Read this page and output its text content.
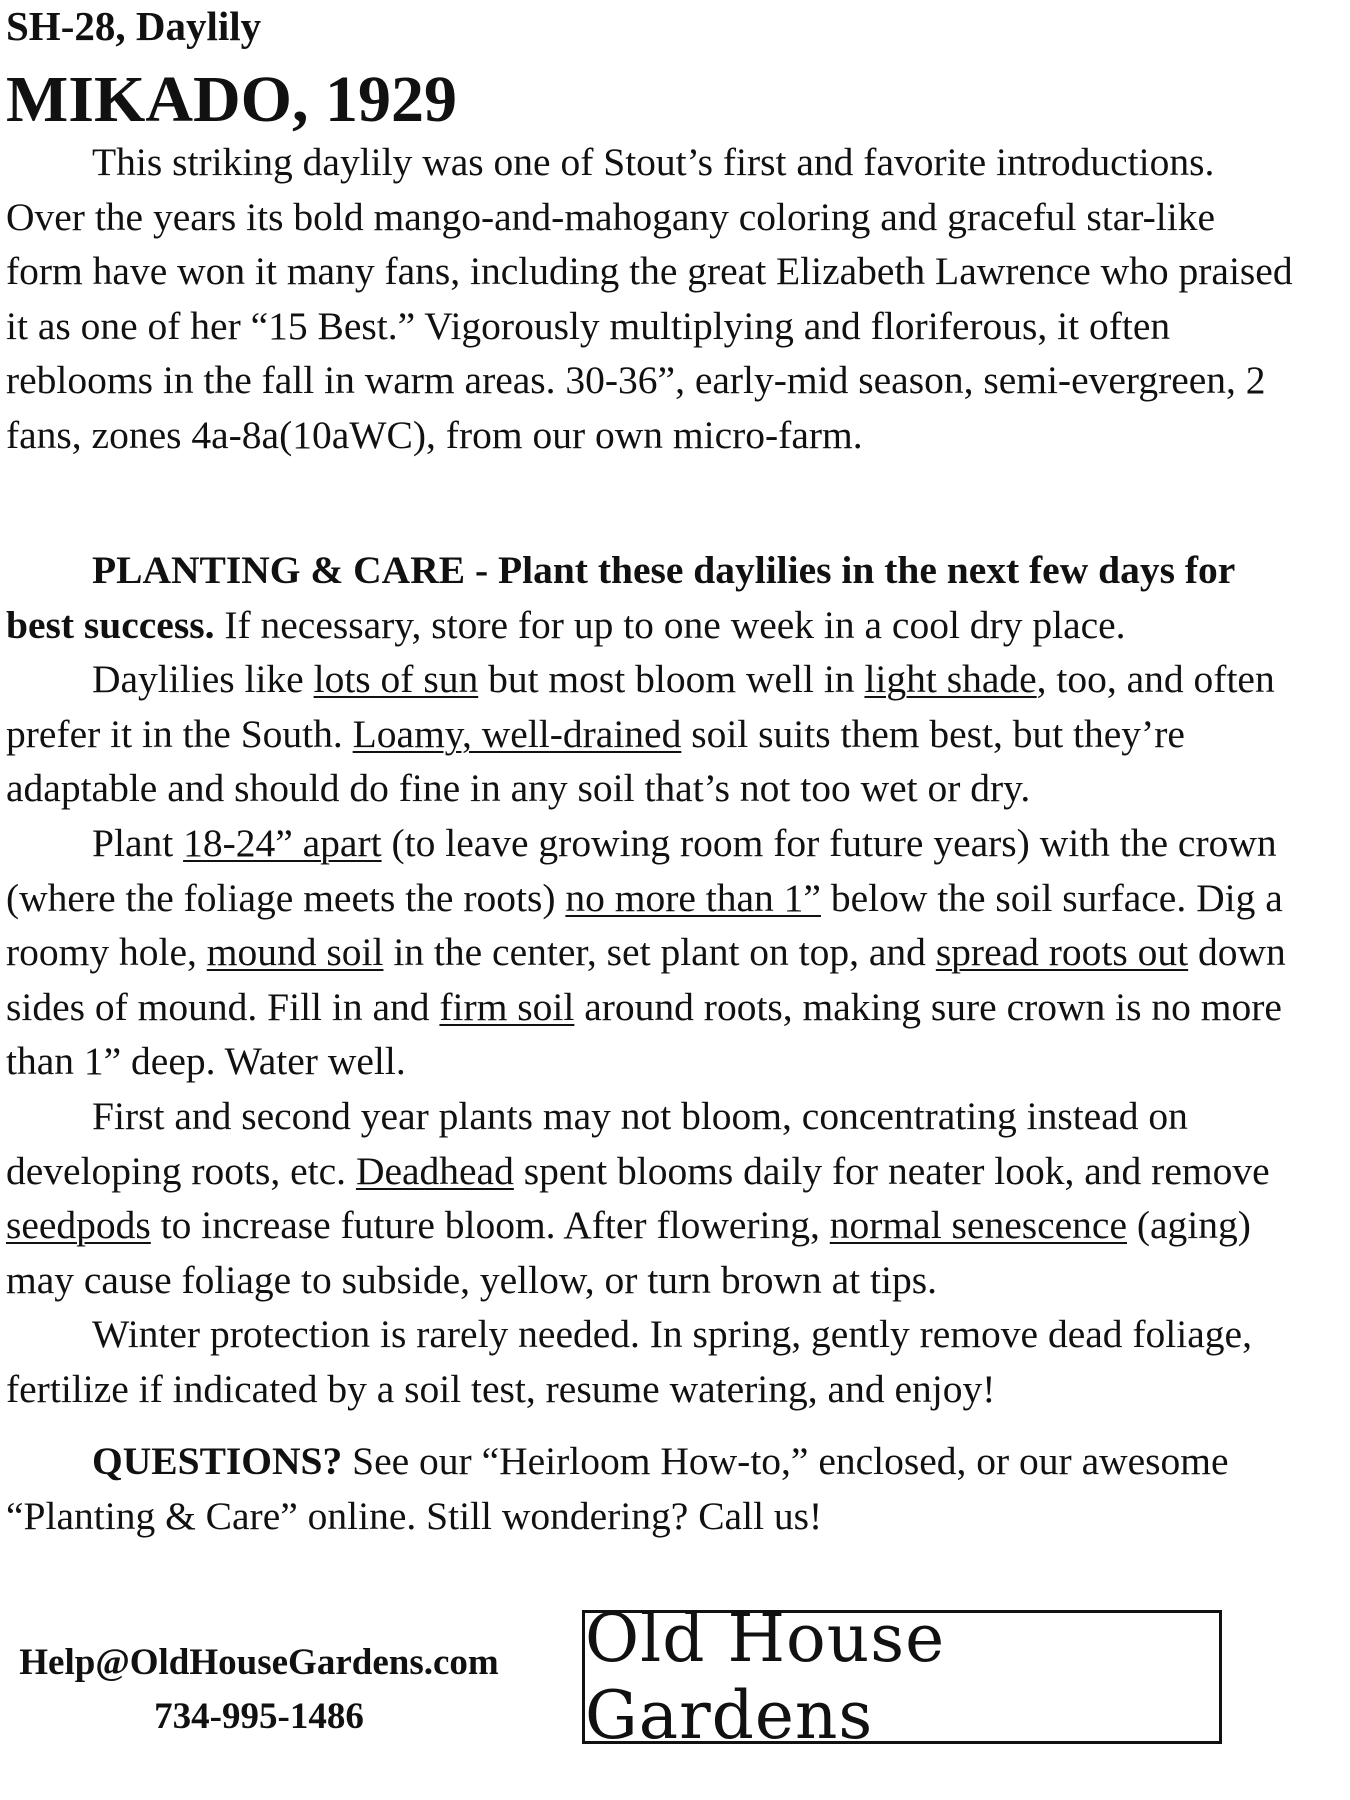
SH-28, Daylily
MIKADO, 1929

This striking daylily was one of Stout’s first and favorite introductions. Over the years its bold mango-and-mahogany coloring and graceful star-like form have won it many fans, including the great Elizabeth Lawrence who praised it as one of her “15 Best.” Vigorously multiplying and floriferous, it often reblooms in the fall in warm areas. 30-36”, early-mid season, semi-evergreen, 2 fans, zones 4a-8a(10aWC), from our own micro-farm.

PLANTING & CARE - Plant these daylilies in the next few days for best success. If necessary, store for up to one week in a cool dry place.

Daylilies like lots of sun but most bloom well in light shade, too, and often prefer it in the South. Loamy, well-drained soil suits them best, but they’re adaptable and should do fine in any soil that’s not too wet or dry.

Plant 18-24” apart (to leave growing room for future years) with the crown (where the foliage meets the roots) no more than 1” below the soil surface. Dig a roomy hole, mound soil in the center, set plant on top, and spread roots out down sides of mound. Fill in and firm soil around roots, making sure crown is no more than 1” deep. Water well.

First and second year plants may not bloom, concentrating instead on developing roots, etc. Deadhead spent blooms daily for neater look, and remove seedpods to increase future bloom. After flowering, normal senescence (aging) may cause foliage to subside, yellow, or turn brown at tips.

Winter protection is rarely needed. In spring, gently remove dead foliage, fertilize if indicated by a soil test, resume watering, and enjoy!

QUESTIONS? See our “Heirloom How-to,” enclosed, or our awesome “Planting & Care” online. Still wondering? Call us!

Help@OldHouseGardens.com
734-995-1486
Old House Gardens
